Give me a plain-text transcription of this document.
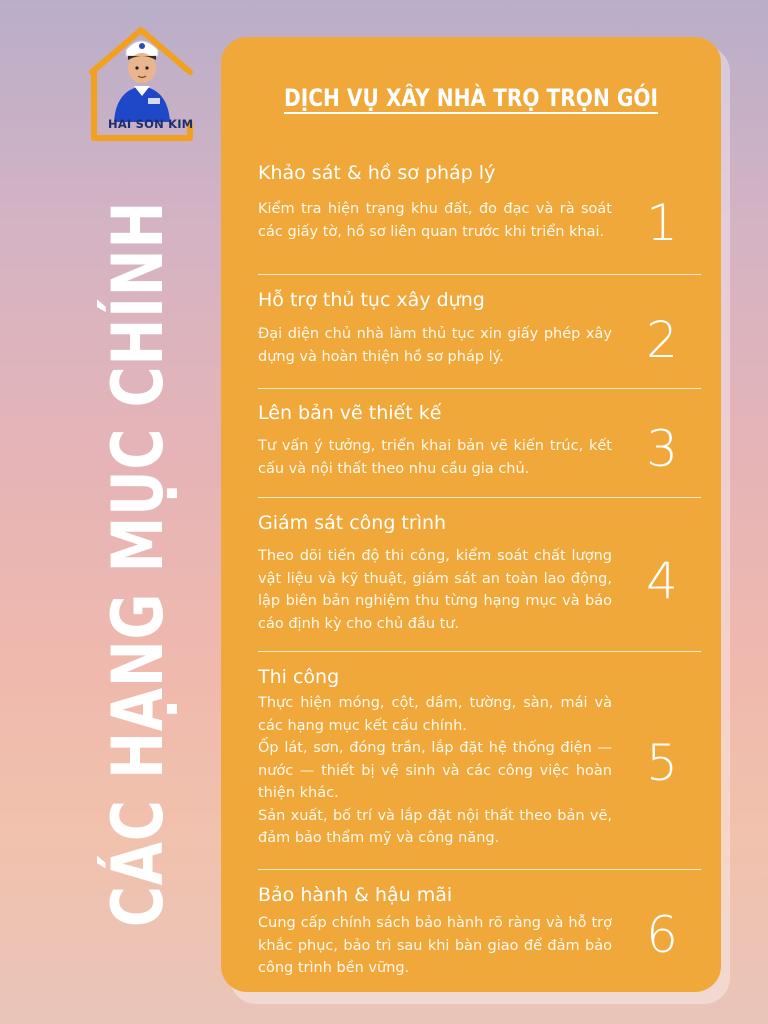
HAI SON KIM
CÁC HẠNG MỤC CHÍNH
DỊCH VỤ XÂY NHÀ TRỌ TRỌN GÓI
Khảo sát & hồ sơ pháp lý
Kiểm tra hiện trạng khu đất, đo đạc và rà soát các giấy tờ, hồ sơ liên quan trước khi triển khai. 1
Hỗ trợ thủ tục xây dựng
Đại diện chủ nhà làm thủ tục xin giấy phép xây dựng và hoàn thiện hồ sơ pháp lý.	2
Lên bản vẽ thiết kế
Tư vấn ý tưởng, triển khai bản vẽ kiến trúc, kết cấu và nội thất theo nhu cầu gia chủ.	3
Giám sát công trình
Theo dõi tiến độ thi công, kiểm soát chất lượng vật liệu và kỹ thuật, giám sát an toàn lao động, lập biên bản nghiệm thu từng hạng mục và báo cáo định kỳ cho chủ đầu tư.
4
Thi công
Thực hiện móng, cột, dầm, tường, sàn, mái và các hạng mục kết cấu chính.
Ốp lát, sơn, đóng trần, lắp đặt hệ thống điện — nước — thiết bị vệ sinh và các công việc hoàn thiện khác.
Sản xuất, bố trí và lắp đặt nội thất theo bản vẽ, đảm bảo thẩm mỹ và công năng.
5
Bảo hành & hậu mãi
Cung cấp chính sách bảo hành rõ ràng và hỗ trợ khắc phục, bảo trì sau khi bàn giao để đảm bảo công trình bền vững.
6
